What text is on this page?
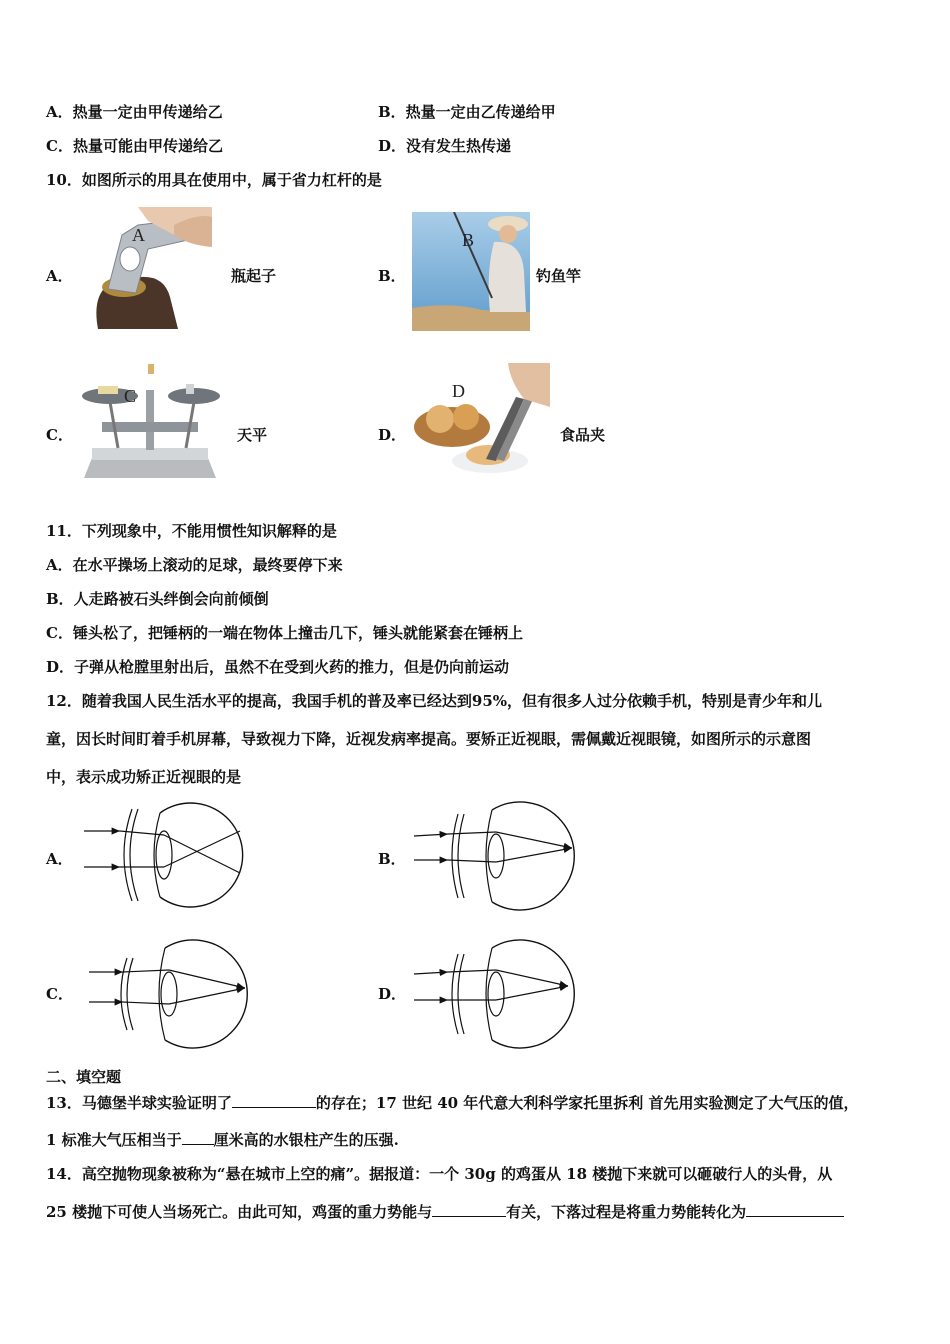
A．热量一定由甲传递给乙	B．热量一定由乙传递给甲
C．热量可能由甲传递给乙	D．没有发生热传递
10．如图所示的用具在使用中，属于省力杠杆的是
A．
A
瓶起子	B．
B
钓鱼竿
C．
C
天平	D．
D
食品夹
11．下列现象中，不能用惯性知识解释的是
A．在水平操场上滚动的足球，最终要停下来
B．人走路被石头绊倒会向前倾倒
C．锤头松了，把锤柄的一端在物体上撞击几下，锤头就能紧套在锤柄上
D．子弹从枪膛里射出后，虽然不在受到火药的推力，但是仍向前运动
12．随着我国人民生活水平的提高，我国手机的普及率已经达到95%，但有很多人过分依赖手机，特别是青少年和儿
童，因长时间盯着手机屏幕，导致视力下降，近视发病率提高。要矫正近视眼，需佩戴近视眼镜，如图所示的示意图
中，表示成功矫正近视眼的是
A．	B．
C．	D．
二、填空题
13．马德堡半球实验证明了	的存在；17 世纪 40 年代意大利科学家托里拆利 首先用实验测定了大气压的值，
1 标准大气压相当于 厘米高的水银柱产生的压强.
14．高空抛物现象被称为“悬在城市上空的痛”。据报道：一个 30g 的鸡蛋从 18 楼抛下来就可以砸破行人的头骨，从
25 楼抛下可使人当场死亡。由此可知，鸡蛋的重力势能与	有关，下落过程是将重力势能转化为
